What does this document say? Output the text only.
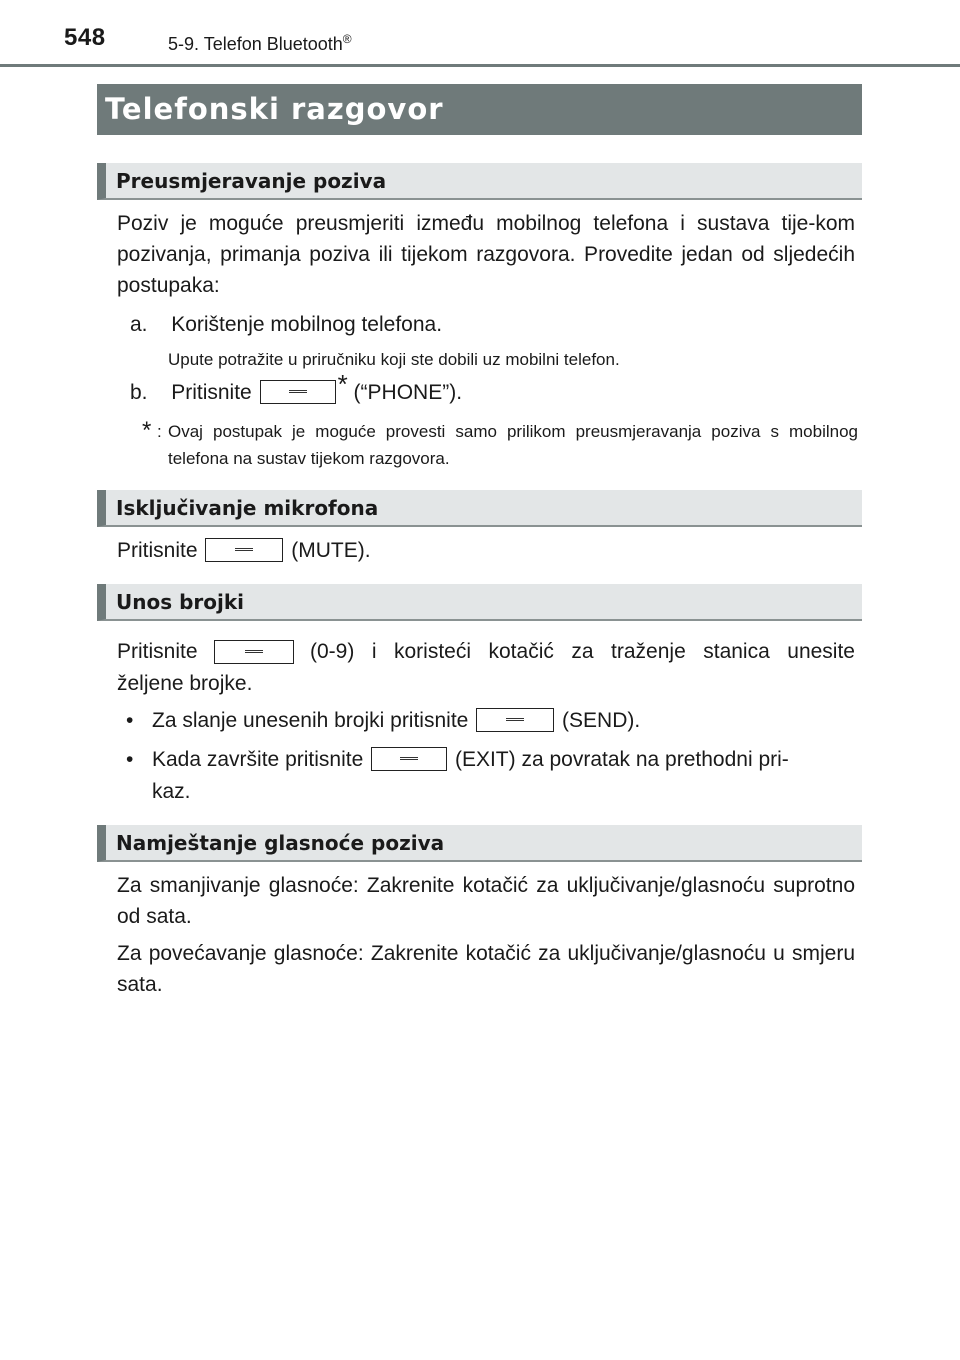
548	5-9. Telefon Bluetooth®
Telefonski razgovor
Preusmjeravanje poziva
Poziv je moguće preusmjeriti između mobilnog telefona i sustava tije-kom pozivanja, primanja poziva ili tijekom razgovora. Provedite jedan od sljedećih postupaka:
a. Korištenje mobilnog telefona.
Upute potražite u priručniku koji ste dobili uz mobilni telefon.
b. Pritisnite	* (“PHONE”).
* : Ovaj postupak je moguće provesti samo prilikom preusmjeravanja poziva s mobilnog telefona na sustav tijekom razgovora.
Isključivanje mikrofona
Pritisnite	(MUTE).
Unos brojki
Pritisnite	(0-9) i koristeći kotačić za traženje stanica unesite
željene brojke.
• Za slanje unesenih brojki pritisnite	(SEND).
• Kada završite pritisnite	(EXIT) za povratak na prethodni pri-
kaz.
Namještanje glasnoće poziva
Za smanjivanje glasnoće: Zakrenite kotačić za uključivanje/glasnoću suprotno od sata.
Za povećavanje glasnoće: Zakrenite kotačić za uključivanje/glasnoću u smjeru sata.
